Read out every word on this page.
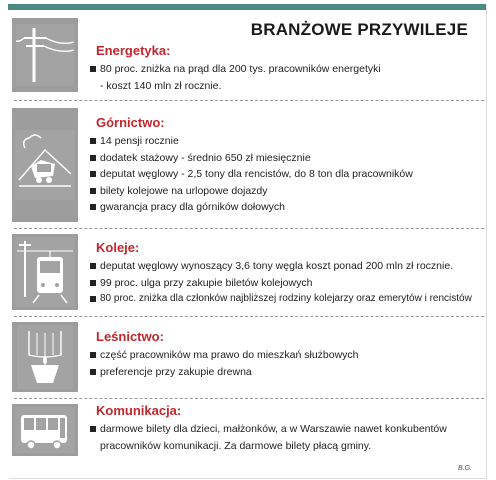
BRANŻOWE PRZYWILEJE
Energetyka:
80 proc. zniżka na prąd dla 200 tys. pracowników energetyki
- koszt 140 mln zł rocznie.
Górnictwo:
14 pensji rocznie
dodatek stażowy - średnio 650 zł miesięcznie
deputat węglowy - 2,5 tony dla rencistów, do 8 ton dla pracowników
bilety kolejowe na urlopowe dojazdy
gwarancja pracy dla górników dołowych
Koleje:
deputat węglowy wynoszący 3,6 tony węgla koszt ponad 200 mln zł rocznie.
99 proc. ulga przy zakupie biletów kolejowych
80 proc. zniżka dla członków najbliższej rodziny kolejarzy oraz emerytów i rencistów
Leśnictwo:
część pracowników ma prawo do mieszkań służbowych
preferencje przy zakupie drewna
Komunikacja:
darmowe bilety dla dzieci, małżonków, a w Warszawie nawet konkubentów
pracowników komunikacji. Za darmowe bilety płacą gminy.
B.G.
